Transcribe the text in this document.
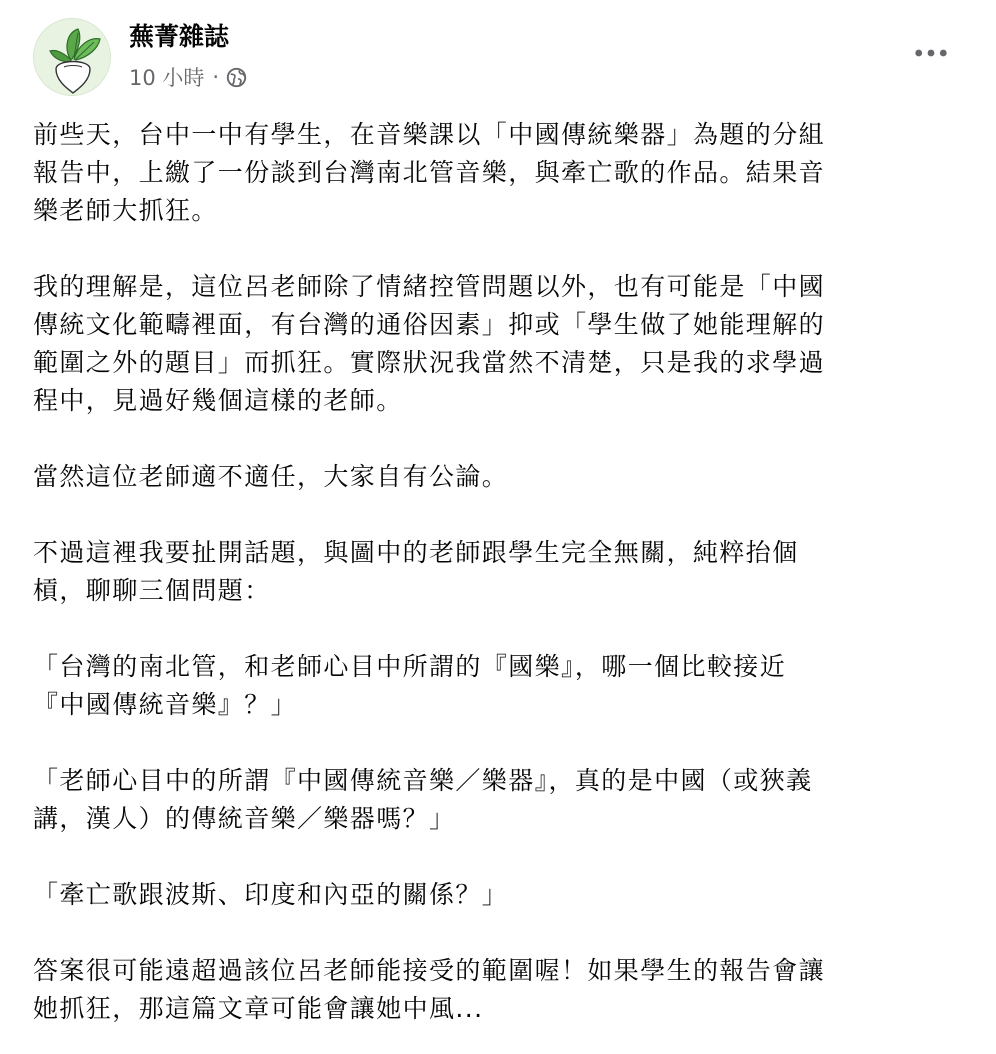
蕪菁雜誌
10 小時 ·

前些天，台中一中有學生，在音樂課以「中國傳統樂器」為題的分組
報告中，上繳了一份談到台灣南北管音樂，與牽亡歌的作品。結果音
樂老師大抓狂。

我的理解是，這位呂老師除了情緒控管問題以外，也有可能是「中國
傳統文化範疇裡面，有台灣的通俗因素」抑或「學生做了她能理解的
範圍之外的題目」而抓狂。實際狀況我當然不清楚，只是我的求學過
程中，見過好幾個這樣的老師。

當然這位老師適不適任，大家自有公論。

不過這裡我要扯開話題，與圖中的老師跟學生完全無關，純粹抬個
槓，聊聊三個問題：

「台灣的南北管，和老師心目中所謂的『國樂』，哪一個比較接近
『中國傳統音樂』？」

「老師心目中的所謂『中國傳統音樂／樂器』，真的是中國（或狹義
講，漢人）的傳統音樂／樂器嗎？」

「牽亡歌跟波斯、印度和內亞的關係？」

答案很可能遠超過該位呂老師能接受的範圍喔！如果學生的報告會讓
她抓狂，那這篇文章可能會讓她中風...
